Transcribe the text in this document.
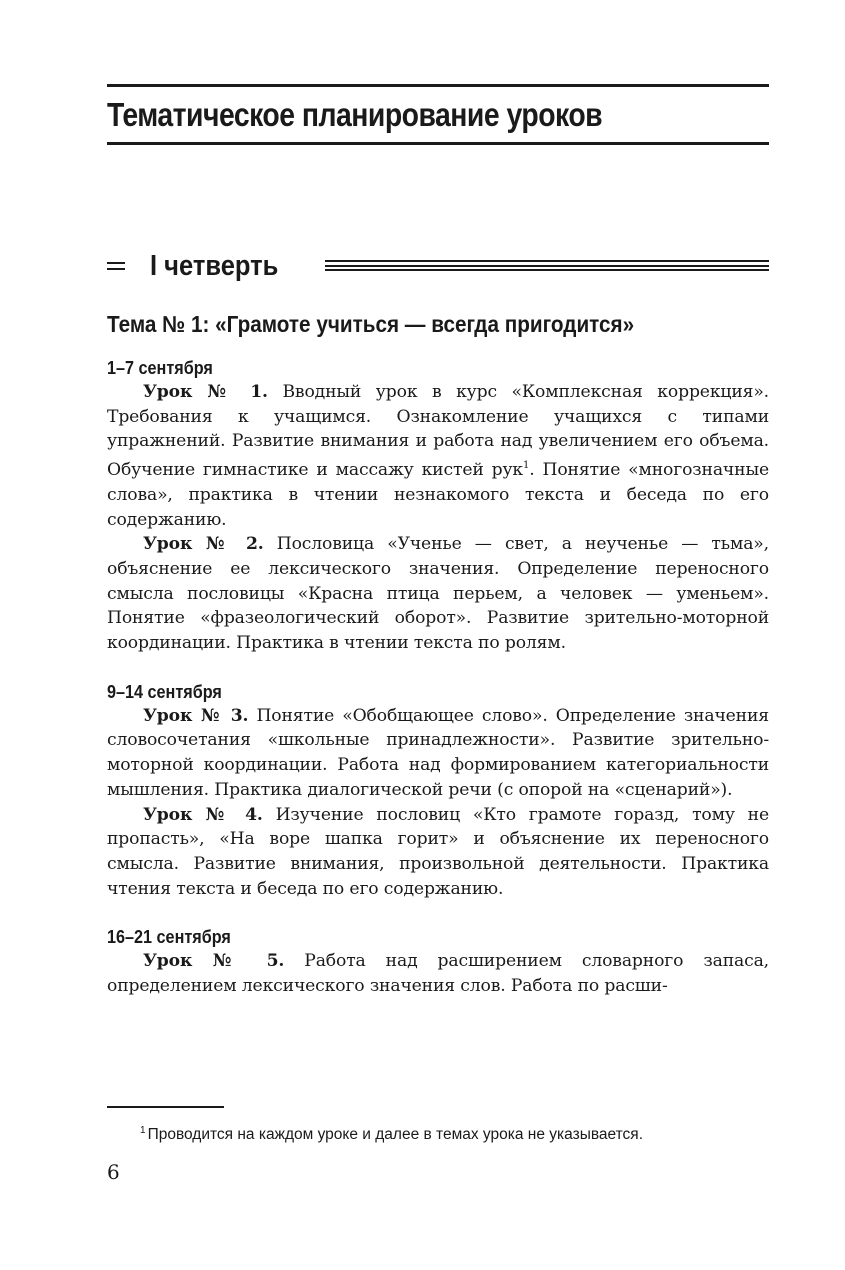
Тематическое планирование уроков
I четверть
Тема № 1: «Грамоте учиться — всегда пригодится»

1–7 сентября

Урок № 1. Вводный урок в курс «Комплексная коррекция». Требования к учащимся. Ознакомление учащихся с типами упражнений. Развитие внимания и работа над увеличением его объема. Обучение гимнастике и массажу кистей рук$^1$. Понятие «многозначные слова», практика в чтении незнакомого текста и беседа по его содержанию.

Урок № 2. Пословица «Ученье — свет, а неученье — тьма», объяснение ее лексического значения. Определение переносного смысла пословицы «Красна птица перьем, а человек — уменьем». Понятие «фразеологический оборот». Развитие зрительно-моторной координации. Практика в чтении текста по ролям.

9–14 сентября

Урок № 3. Понятие «Обобщающее слово». Определение значения словосочетания «школьные принадлежности». Развитие зрительно-моторной координации. Работа над формированием категориальности мышления. Практика диалогической речи (с опорой на «сценарий»).

Урок № 4. Изучение пословиц «Кто грамоте горазд, тому не пропасть», «На воре шапка горит» и объяснение их переносного смысла. Развитие внимания, произвольной деятельности. Практика чтения текста и беседа по его содержанию.

16–21 сентября

Урок № 5. Работа над расширением словарного запаса, определением лексического значения слов. Работа по расши-

$^1$ Проводится на каждом уроке и далее в темах урока не указывается.

6
